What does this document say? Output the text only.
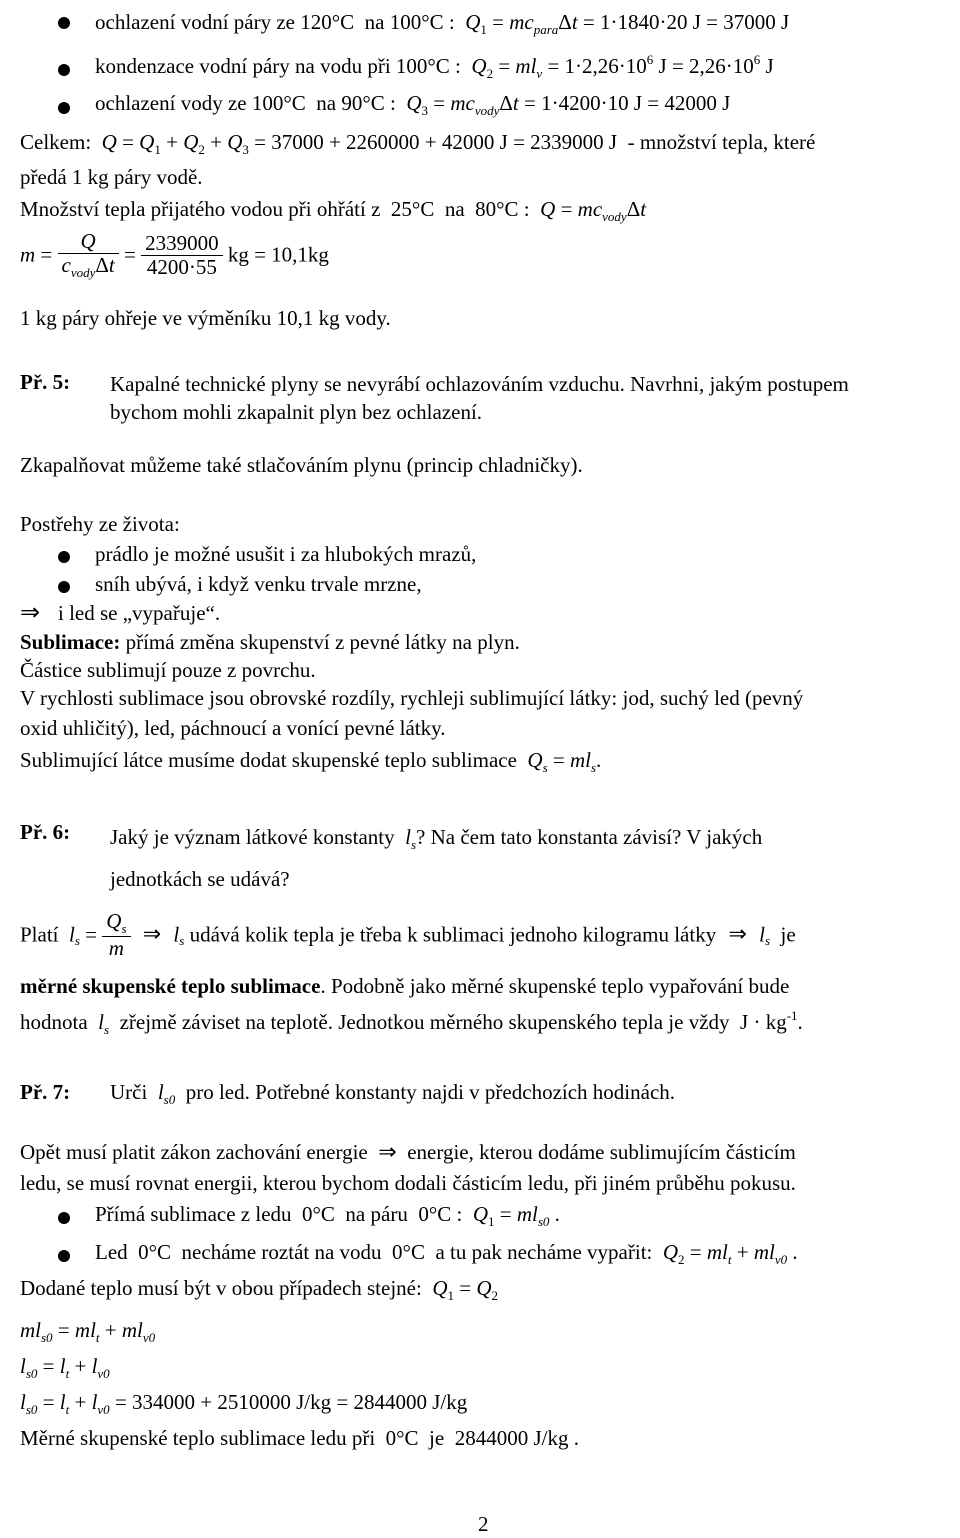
ochlazení vodní páry ze 120°C  na 100°C :  $Q_1 = mc_{para}\Delta t = 1\cdot 1840\cdot 20$ J = 37000 J
kondenzace vodní páry na vodu při 100°C :  $Q_2 = ml_v = 1\cdot 2,26\cdot 10^6$ $J = 2,26\cdot 10^6$ J
ochlazení vody ze 100°C  na 90°C :  $Q_3 = mc_{vody}\Delta t = 1\cdot 4200\cdot 10$ J = 42000 J
Celkem:  $Q = Q_1 + Q_2 + Q_3 = 37000 + 2260000 + 42000$ J = 2339000 J  - množství tepla, které
předá 1 kg páry vodě.
Množství tepla přijatého vodou při ohřátí z  25°C  na  80°C :  $Q = mc_{vody}\Delta t$
$m = \frac{Q}{c_{vody}\Delta t} = \frac{2339000}{4200\cdot 55}$ kg = 10,1kg
1 kg páry ohřeje ve výměníku 10,1 kg vody.
Př. 5: Kapalné technické plyny se nevyrábí ochlazováním vzduchu. Navrhni, jakým postupem bychom mohli zkapalnit plyn bez ochlazení.
Zkapalňovat můžeme také stlačováním plynu (princip chladničky).
Postřehy ze života:
prádlo je možné usušit i za hlubokých mrazů,
sníh ubývá, i když venku trvale mrzne,
⇒ i led se „vypařuje“.
Sublimace: přímá změna skupenství z pevné látky na plyn.
Částice sublimují pouze z povrchu.
V rychlosti sublimace jsou obrovské rozdíly, rychleji sublimující látky: jod, suchý led (pevný
oxid uhličitý), led, páchnoucí a vonící pevné látky.
Sublimující látce musíme dodat skupenské teplo sublimace $Q_s = ml_s$.
Př. 6: Jaký je význam látkové konstanty $l_s$? Na čem tato konstanta závisí? V jakých
jednotkách se udává?
Platí $l_s = \frac{Q_s}{m}$ ⇒  $l_s$ udává kolik tepla je třeba k sublimaci jednoho kilogramu látky  ⇒  $l_s$ je
měrné skupenské teplo sublimace. Podobně jako měrné skupenské teplo vypařování bude
hodnota $l_s$ zřejmě záviset na teplotě. Jednotkou měrného skupenského tepla je vždy  $J \cdot kg^{-1}$.
Př. 7: Urči $l_{s0}$ pro led. Potřebné konstanty najdi v předchozích hodinách.
Opět musí platit zákon zachování energie ⇒ energie, kterou dodáme sublimujícím částicím
ledu, se musí rovnat energii, kterou bychom dodali částicím ledu, při jiném průběhu pokusu.
Přímá sublimace z ledu  0°C  na páru  0°C :  $Q_1 = ml_{s0}$ .
Led  0°C  necháme roztát na vodu  0°C  a tu pak necháme vypařit:  $Q_2 = ml_t + ml_{v0}$ .
Dodané teplo musí být v obou případech stejné: $Q_1 = Q_2$
$ml_{s0} = ml_t + ml_{v0}$
$l_{s0} = l_t + l_{v0}$
$l_{s0} = l_t + l_{v0} = 334000 + 2510000$ J/kg = 2844000 J/kg
Měrné skupenské teplo sublimace ledu při  0°C  je  2844000 J/kg .
2
